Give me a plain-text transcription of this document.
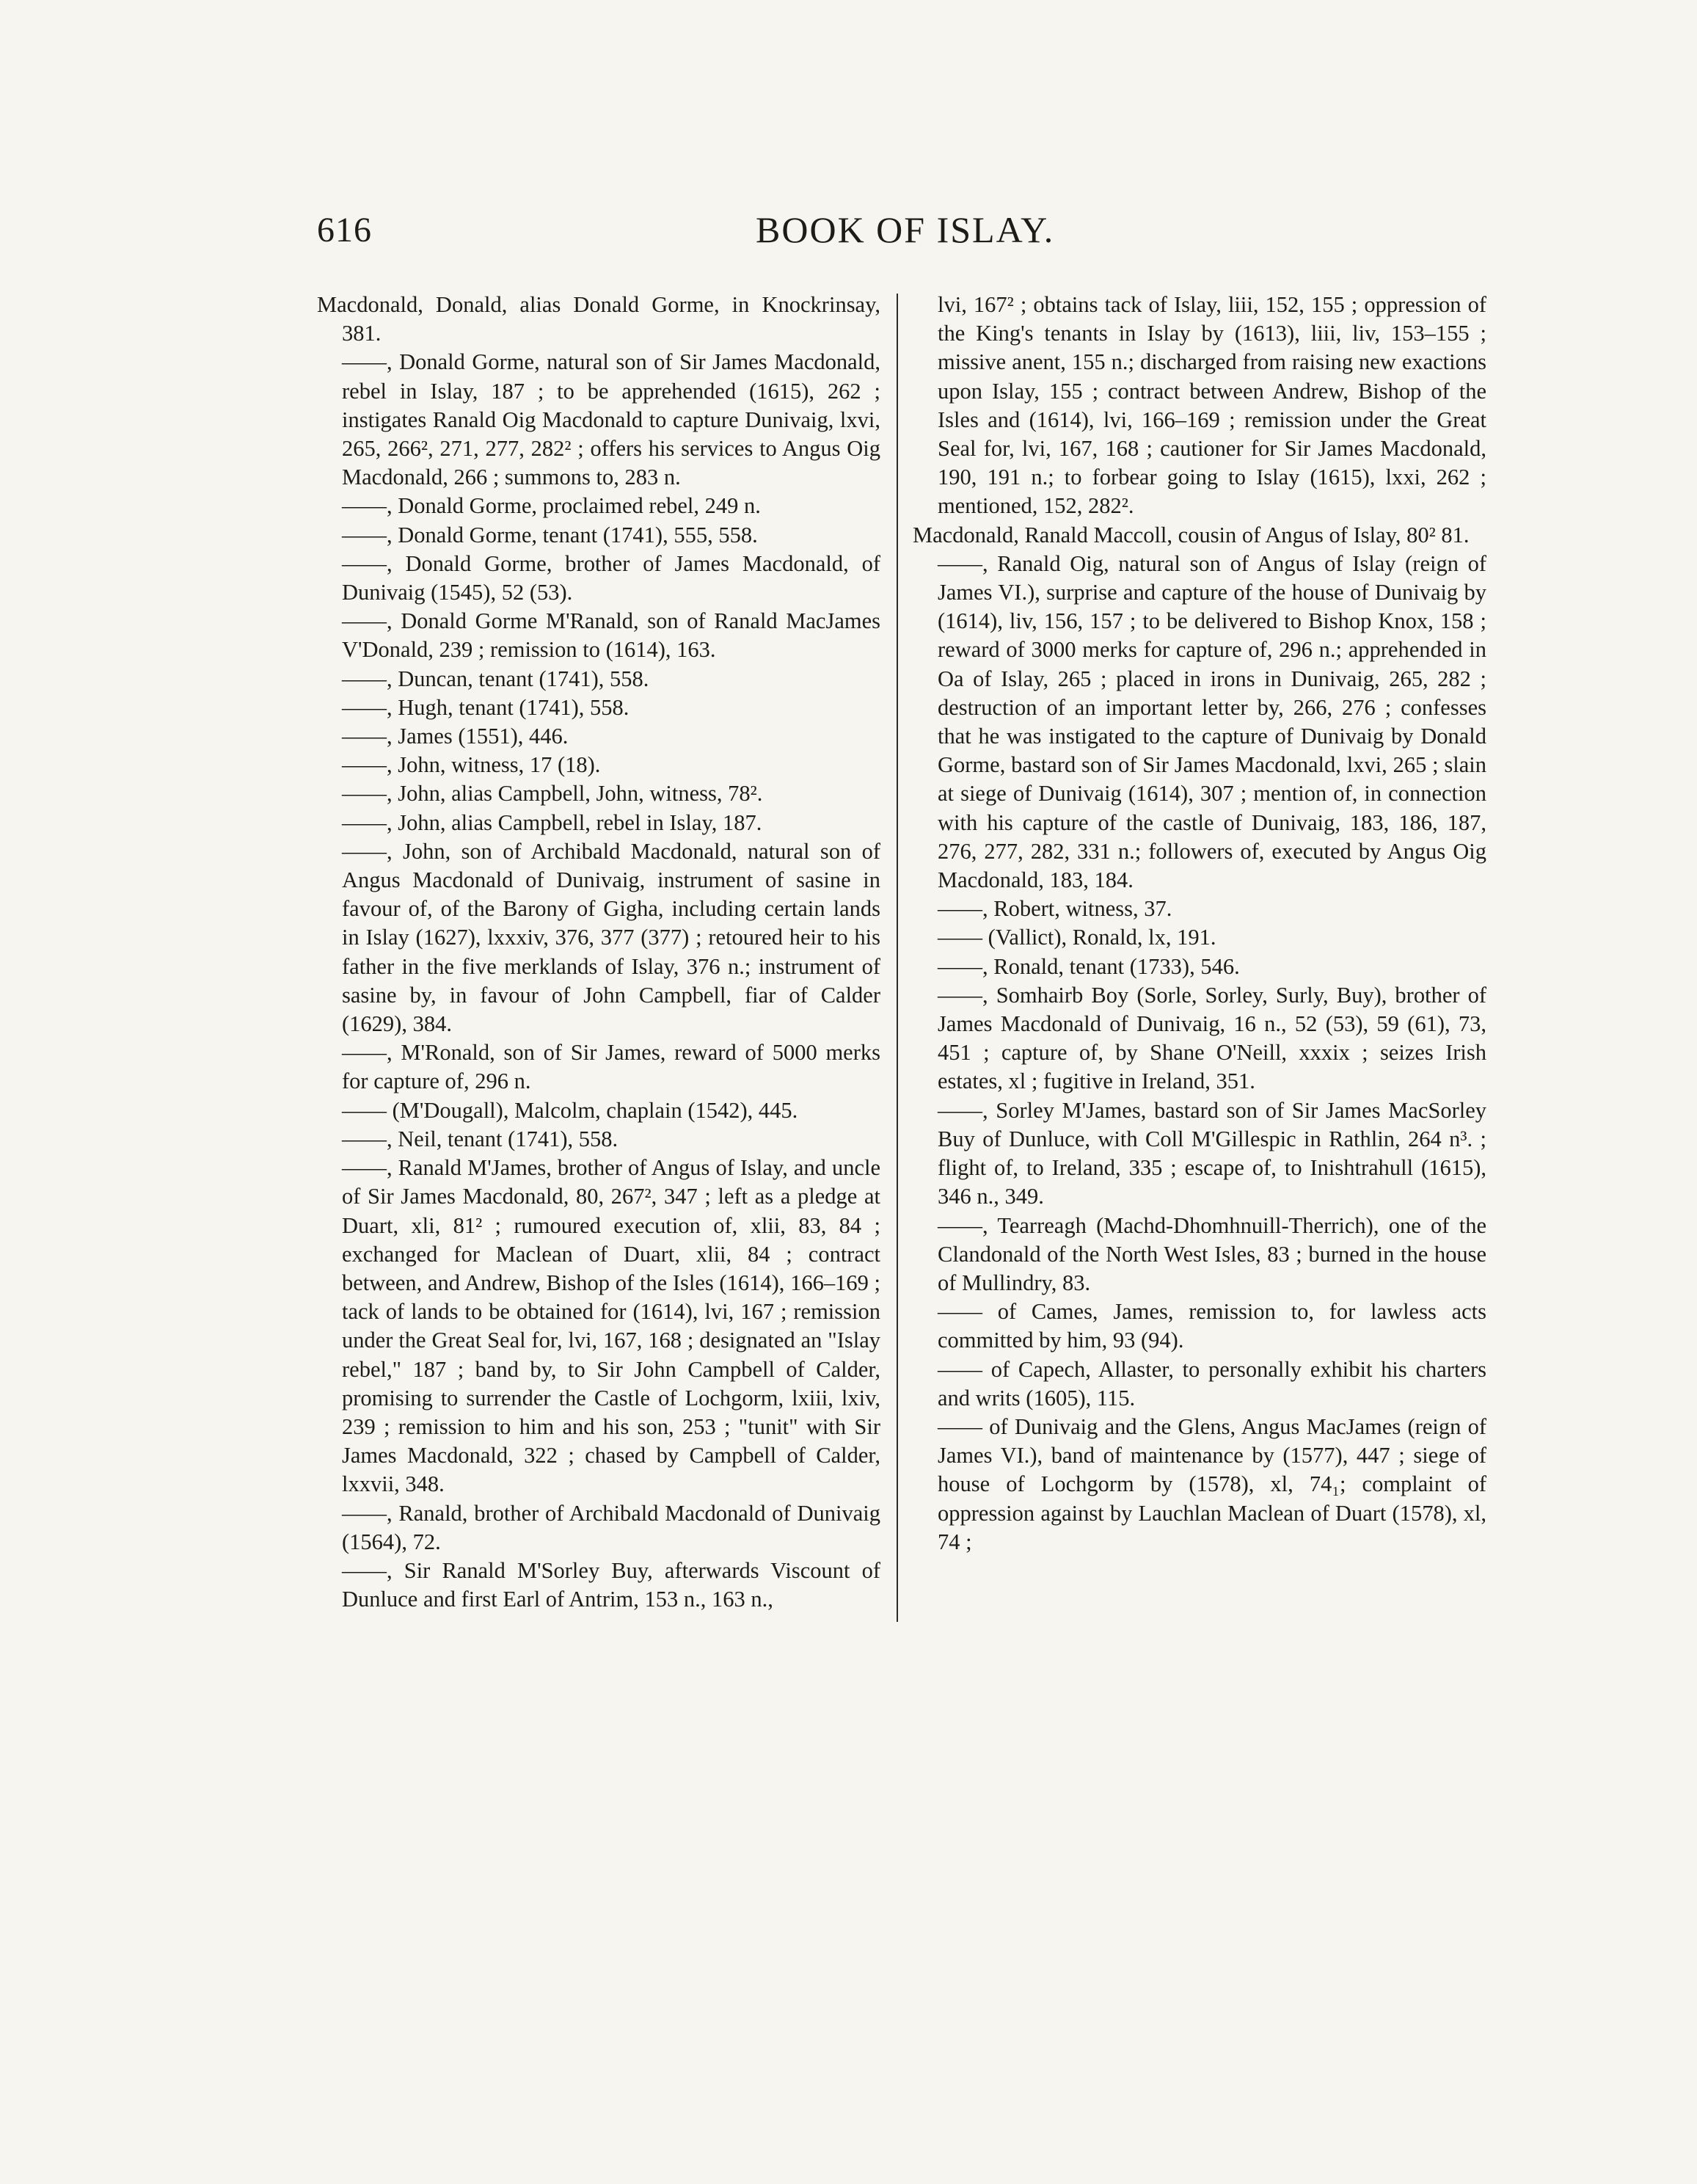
616	BOOK OF ISLAY.

Macdonald, Donald, alias Donald Gorme, in Knockrinsay, 381.

——, Donald Gorme, natural son of Sir James Macdonald, rebel in Islay, 187 ; to be apprehended (1615), 262 ; instigates Ranald Oig Macdonald to capture Dunivaig, lxvi, 265, 266², 271, 277, 282² ; offers his services to Angus Oig Macdonald, 266 ; summons to, 283 n.

——, Donald Gorme, proclaimed rebel, 249 n.

——, Donald Gorme, tenant (1741), 555, 558.

——, Donald Gorme, brother of James Macdonald, of Dunivaig (1545), 52 (53).

——, Donald Gorme M'Ranald, son of Ranald MacJames V'Donald, 239 ; remission to (1614), 163.

——, Duncan, tenant (1741), 558.

——, Hugh, tenant (1741), 558.

——, James (1551), 446.

——, John, witness, 17 (18).

——, John, alias Campbell, John, witness, 78².

——, John, alias Campbell, rebel in Islay, 187.

——, John, son of Archibald Macdonald, natural son of Angus Macdonald of Dunivaig, instrument of sasine in favour of, of the Barony of Gigha, including certain lands in Islay (1627), lxxxiv, 376, 377 (377) ; retoured heir to his father in the five merklands of Islay, 376 n.; instrument of sasine by, in favour of John Campbell, fiar of Calder (1629), 384.

——, M'Ronald, son of Sir James, reward of 5000 merks for capture of, 296 n.

—— (M'Dougall), Malcolm, chaplain (1542), 445.

——, Neil, tenant (1741), 558.

——, Ranald M'James, brother of Angus of Islay, and uncle of Sir James Macdonald, 80, 267², 347 ; left as a pledge at Duart, xli, 81² ; rumoured execution of, xlii, 83, 84 ; exchanged for Maclean of Duart, xlii, 84 ; contract between, and Andrew, Bishop of the Isles (1614), 166–169 ; tack of lands to be obtained for (1614), lvi, 167 ; remission under the Great Seal for, lvi, 167, 168 ; designated an "Islay rebel," 187 ; band by, to Sir John Campbell of Calder, promising to surrender the Castle of Lochgorm, lxiii, lxiv, 239 ; remission to him and his son, 253 ; "tunit" with Sir James Macdonald, 322 ; chased by Campbell of Calder, lxxvii, 348.

——, Ranald, brother of Archibald Macdonald of Dunivaig (1564), 72.

——, Sir Ranald M'Sorley Buy, afterwards Viscount of Dunluce and first Earl of Antrim, 153 n., 163 n.,

lvi, 167² ; obtains tack of Islay, liii, 152, 155 ; oppression of the King's tenants in Islay by (1613), liii, liv, 153–155 ; missive anent, 155 n.; discharged from raising new exactions upon Islay, 155 ; contract between Andrew, Bishop of the Isles and (1614), lvi, 166–169 ; remission under the Great Seal for, lvi, 167, 168 ; cautioner for Sir James Macdonald, 190, 191 n.; to forbear going to Islay (1615), lxxi, 262 ; mentioned, 152, 282².

Macdonald, Ranald Maccoll, cousin of Angus of Islay, 80² 81.

——, Ranald Oig, natural son of Angus of Islay (reign of James VI.), surprise and capture of the house of Dunivaig by (1614), liv, 156, 157 ; to be delivered to Bishop Knox, 158 ; reward of 3000 merks for capture of, 296 n.; apprehended in Oa of Islay, 265 ; placed in irons in Dunivaig, 265, 282 ; destruction of an important letter by, 266, 276 ; confesses that he was instigated to the capture of Dunivaig by Donald Gorme, bastard son of Sir James Macdonald, lxvi, 265 ; slain at siege of Dunivaig (1614), 307 ; mention of, in connection with his capture of the castle of Dunivaig, 183, 186, 187, 276, 277, 282, 331 n.; followers of, executed by Angus Oig Macdonald, 183, 184.

——, Robert, witness, 37.

—— (Vallict), Ronald, lx, 191.

——, Ronald, tenant (1733), 546.

——, Somhairb Boy (Sorle, Sorley, Surly, Buy), brother of James Macdonald of Dunivaig, 16 n., 52 (53), 59 (61), 73, 451 ; capture of, by Shane O'Neill, xxxix ; seizes Irish estates, xl ; fugitive in Ireland, 351.

——, Sorley M'James, bastard son of Sir James MacSorley Buy of Dunluce, with Coll M'Gillespic in Rathlin, 264 n³. ; flight of, to Ireland, 335 ; escape of, to Inishtrahull (1615), 346 n., 349.

——, Tearreagh (Machd-Dhomhnuill-Therrich), one of the Clandonald of the North West Isles, 83 ; burned in the house of Mullindry, 83.

—— of Cames, James, remission to, for lawless acts committed by him, 93 (94).

—— of Capech, Allaster, to personally exhibit his charters and writs (1605), 115.

—— of Dunivaig and the Glens, Angus MacJames (reign of James VI.), band of maintenance by (1577), 447 ; siege of house of Lochgorm by (1578), xl, 74₁; complaint of oppression against by Lauchlan Maclean of Duart (1578), xl, 74 ;
